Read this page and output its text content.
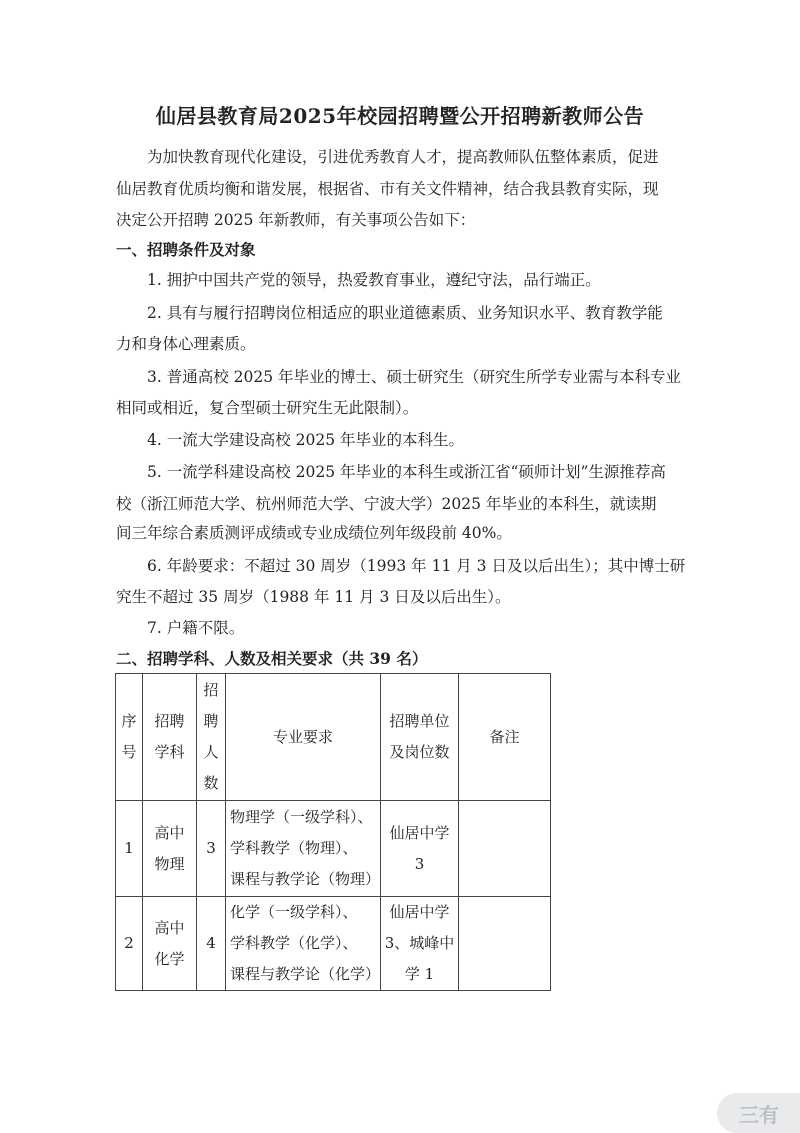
仙居县教育局2025年校园招聘暨公开招聘新教师公告
为加快教育现代化建设，引进优秀教育人才，提高教师队伍整体素质，促进
仙居教育优质均衡和谐发展，根据省、市有关文件精神，结合我县教育实际，现
决定公开招聘 2025 年新教师，有关事项公告如下：
一、招聘条件及对象
1. 拥护中国共产党的领导，热爱教育事业，遵纪守法，品行端正。
2. 具有与履行招聘岗位相适应的职业道德素质、业务知识水平、教育教学能
力和身体心理素质。
3. 普通高校 2025 年毕业的博士、硕士研究生（研究生所学专业需与本科专业
相同或相近，复合型硕士研究生无此限制）。
4. 一流大学建设高校 2025 年毕业的本科生。
5. 一流学科建设高校 2025 年毕业的本科生或浙江省“硕师计划”生源推荐高
校（浙江师范大学、杭州师范大学、宁波大学）2025 年毕业的本科生，就读期
间三年综合素质测评成绩或专业成绩位列年级段前 40%。
6. 年龄要求：不超过 30 周岁（1993 年 11 月 3 日及以后出生）；其中博士研
究生不超过 35 周岁（1988 年 11 月 3 日及以后出生）。
7. 户籍不限。
二、招聘学科、人数及相关要求（共 39 名）
序
号	招聘
学科	招
聘
人
数	专业要求	招聘单位
及岗位数	备注

1	高中
物理	3	物理学（一级学科）、
学科教学（物理）、
课程与教学论（物理）	仙居中学
3	

2	高中
化学	4	化学（一级学科）、
学科教学（化学）、
课程与教学论（化学）	仙居中学
3、城峰中
学 1	

三有
